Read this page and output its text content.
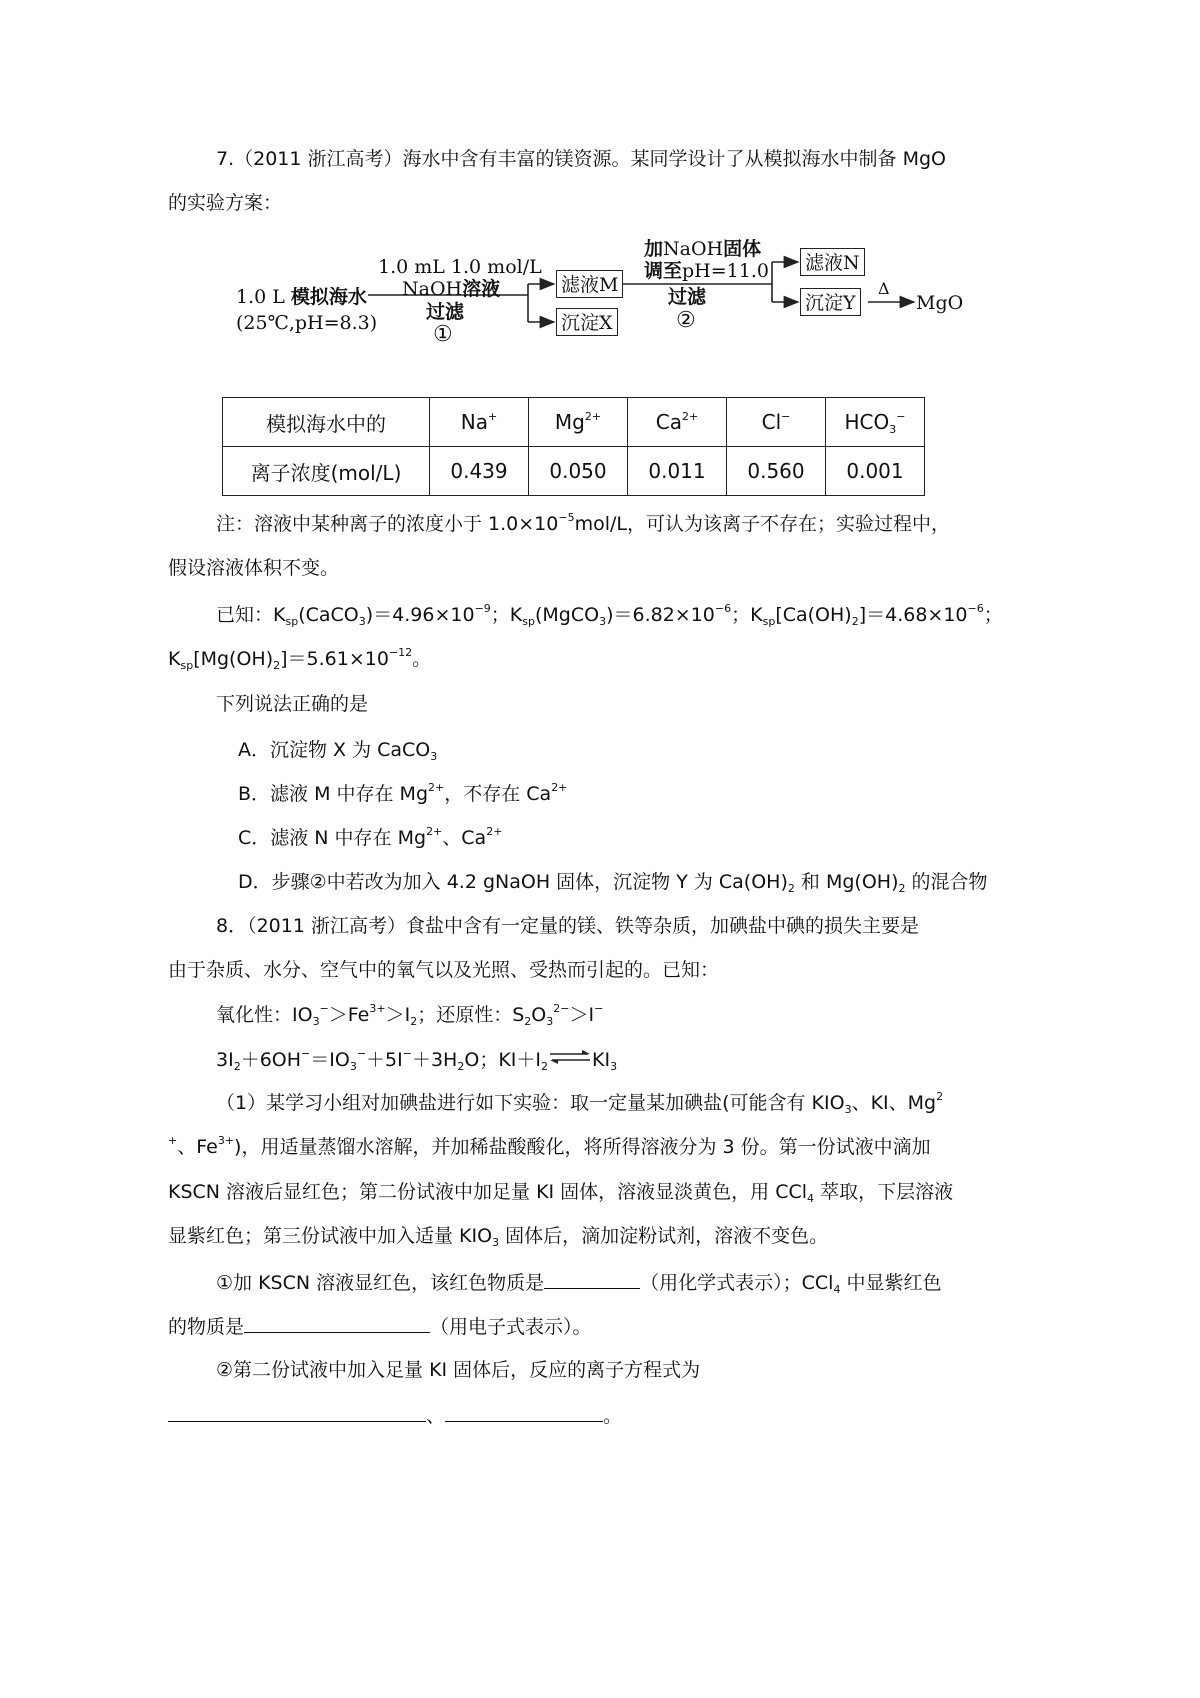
7.（2011 浙江高考）海水中含有丰富的镁资源。某同学设计了从模拟海水中制备 MgO
的实验方案：
1.0 L 模拟海水
(25℃,pH=8.3)
1.0 mL 1.0 mol/L
NaOH溶液
过滤
①
滤液M
沉淀X
加NaOH固体
调至pH=11.0
过滤
②
滤液N
沉淀Y
Δ
MgO
模拟海水中的	Na+	$Mg^{2+}$	$Ca^{2+}$	Cl−	$HCO_3^-$
离子浓度(mol/L)	0.439	0.050	0.011	0.560	0.001
注：溶液中某种离子的浓度小于 $1.0\times 10^{-5}mol/L$，可认为该离子不存在；实验过程中，
假设溶液体积不变。
已知：$K_{sp}(CaCO_3)=4.96\times 10^{-9}$；$K_{sp}(MgCO_3)=6.82\times 10^{-6}$；$K_{sp}[Ca(OH)_2]=4.68\times 10^{-6}$；
$K_{sp}[Mg(OH)_2]=5.61\times 10^{-12}$。
下列说法正确的是
A．沉淀物 X 为 CaCO$_3$
B．滤液 M 中存在 $Mg^{2+}$，不存在 $Ca^{2+}$
C．滤液 N 中存在 $Mg^{2+}$、$Ca^{2+}$
D．步骤②中若改为加入 4.2 gNaOH 固体，沉淀物 Y 为 $Ca(OH)_2$ 和 $Mg(OH)_2$ 的混合物
8．（2011 浙江高考）食盐中含有一定量的镁、铁等杂质，加碘盐中碘的损失主要是
由于杂质、水分、空气中的氧气以及光照、受热而引起的。已知：
氧化性：$IO_3^->Fe^{3+}>I_2$；还原性：$S_2O_3^{2-}>I^-$
$3I_2+6OH^-=IO_3^-+5I^-+3H_2O$；$KI+I_2$ $\rightleftharpoons KI_3$
（1）某学习小组对加碘盐进行如下实验：取一定量某加碘盐(可能含有 $KIO_3$、KI、Mg$^2$
+、$Fe^{3+}$)，用适量蒸馏水溶解，并加稀盐酸酸化，将所得溶液分为 3 份。第一份试液中滴加
KSCN 溶液后显红色；第二份试液中加足量 KI 固体，溶液显淡黄色，用 CCl$_4$ 萃取，下层溶液
显紫红色；第三份试液中加入适量 $KIO_3$ 固体后，滴加淀粉试剂，溶液不变色。
①加 KSCN 溶液显红色，该红色物质是	（用化学式表示）；CCl$_4$ 中显紫红色
的物质是	（用电子式表示）。
②第二份试液中加入足量 KI 固体后，反应的离子方程式为
、	。
